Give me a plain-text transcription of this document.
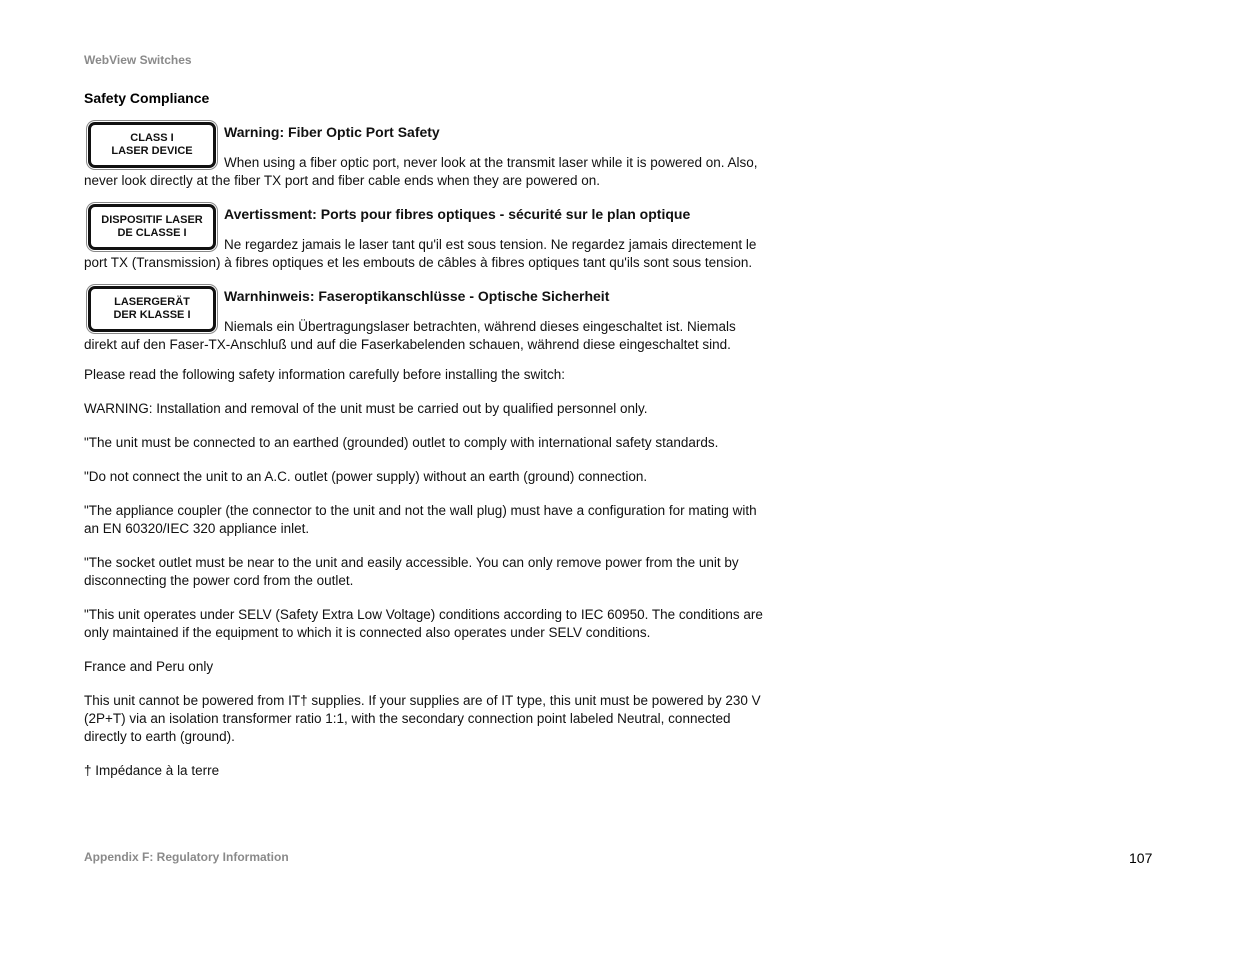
WebView Switches
Safety Compliance
CLASS I
LASER DEVICE
Warning: Fiber Optic Port Safety
When using a fiber optic port, never look at the transmit laser while it is powered on. Also, never look directly at the fiber TX port and fiber cable ends when they are powered on.
DISPOSITIF LASER
DE CLASSE I
Avertissment: Ports pour fibres optiques - sécurité sur le plan optique
Ne regardez jamais le laser tant qu'il est sous tension. Ne regardez jamais directement le port TX (Transmission) à fibres optiques et les embouts de câbles à fibres optiques tant qu'ils sont sous tension.
LASERGERÄT
DER KLASSE I
Warnhinweis: Faseroptikanschlüsse - Optische Sicherheit
Niemals ein Übertragungslaser betrachten, während dieses eingeschaltet ist. Niemals direkt auf den Faser-TX-Anschluß und auf die Faserkabelenden schauen, während diese eingeschaltet sind.

Please read the following safety information carefully before installing the switch:

WARNING: Installation and removal of the unit must be carried out by qualified personnel only.

"The unit must be connected to an earthed (grounded) outlet to comply with international safety standards.

"Do not connect the unit to an A.C. outlet (power supply) without an earth (ground) connection.

"The appliance coupler (the connector to the unit and not the wall plug) must have a configuration for mating with an EN 60320/IEC 320 appliance inlet.

"The socket outlet must be near to the unit and easily accessible. You can only remove power from the unit by disconnecting the power cord from the outlet.

"This unit operates under SELV (Safety Extra Low Voltage) conditions according to IEC 60950. The conditions are only maintained if the equipment to which it is connected also operates under SELV conditions.

France and Peru only

This unit cannot be powered from IT† supplies. If your supplies are of IT type, this unit must be powered by 230 V (2P+T) via an isolation transformer ratio 1:1, with the secondary connection point labeled Neutral, connected directly to earth (ground).

† Impédance à la terre

Appendix F: Regulatory Information	107
